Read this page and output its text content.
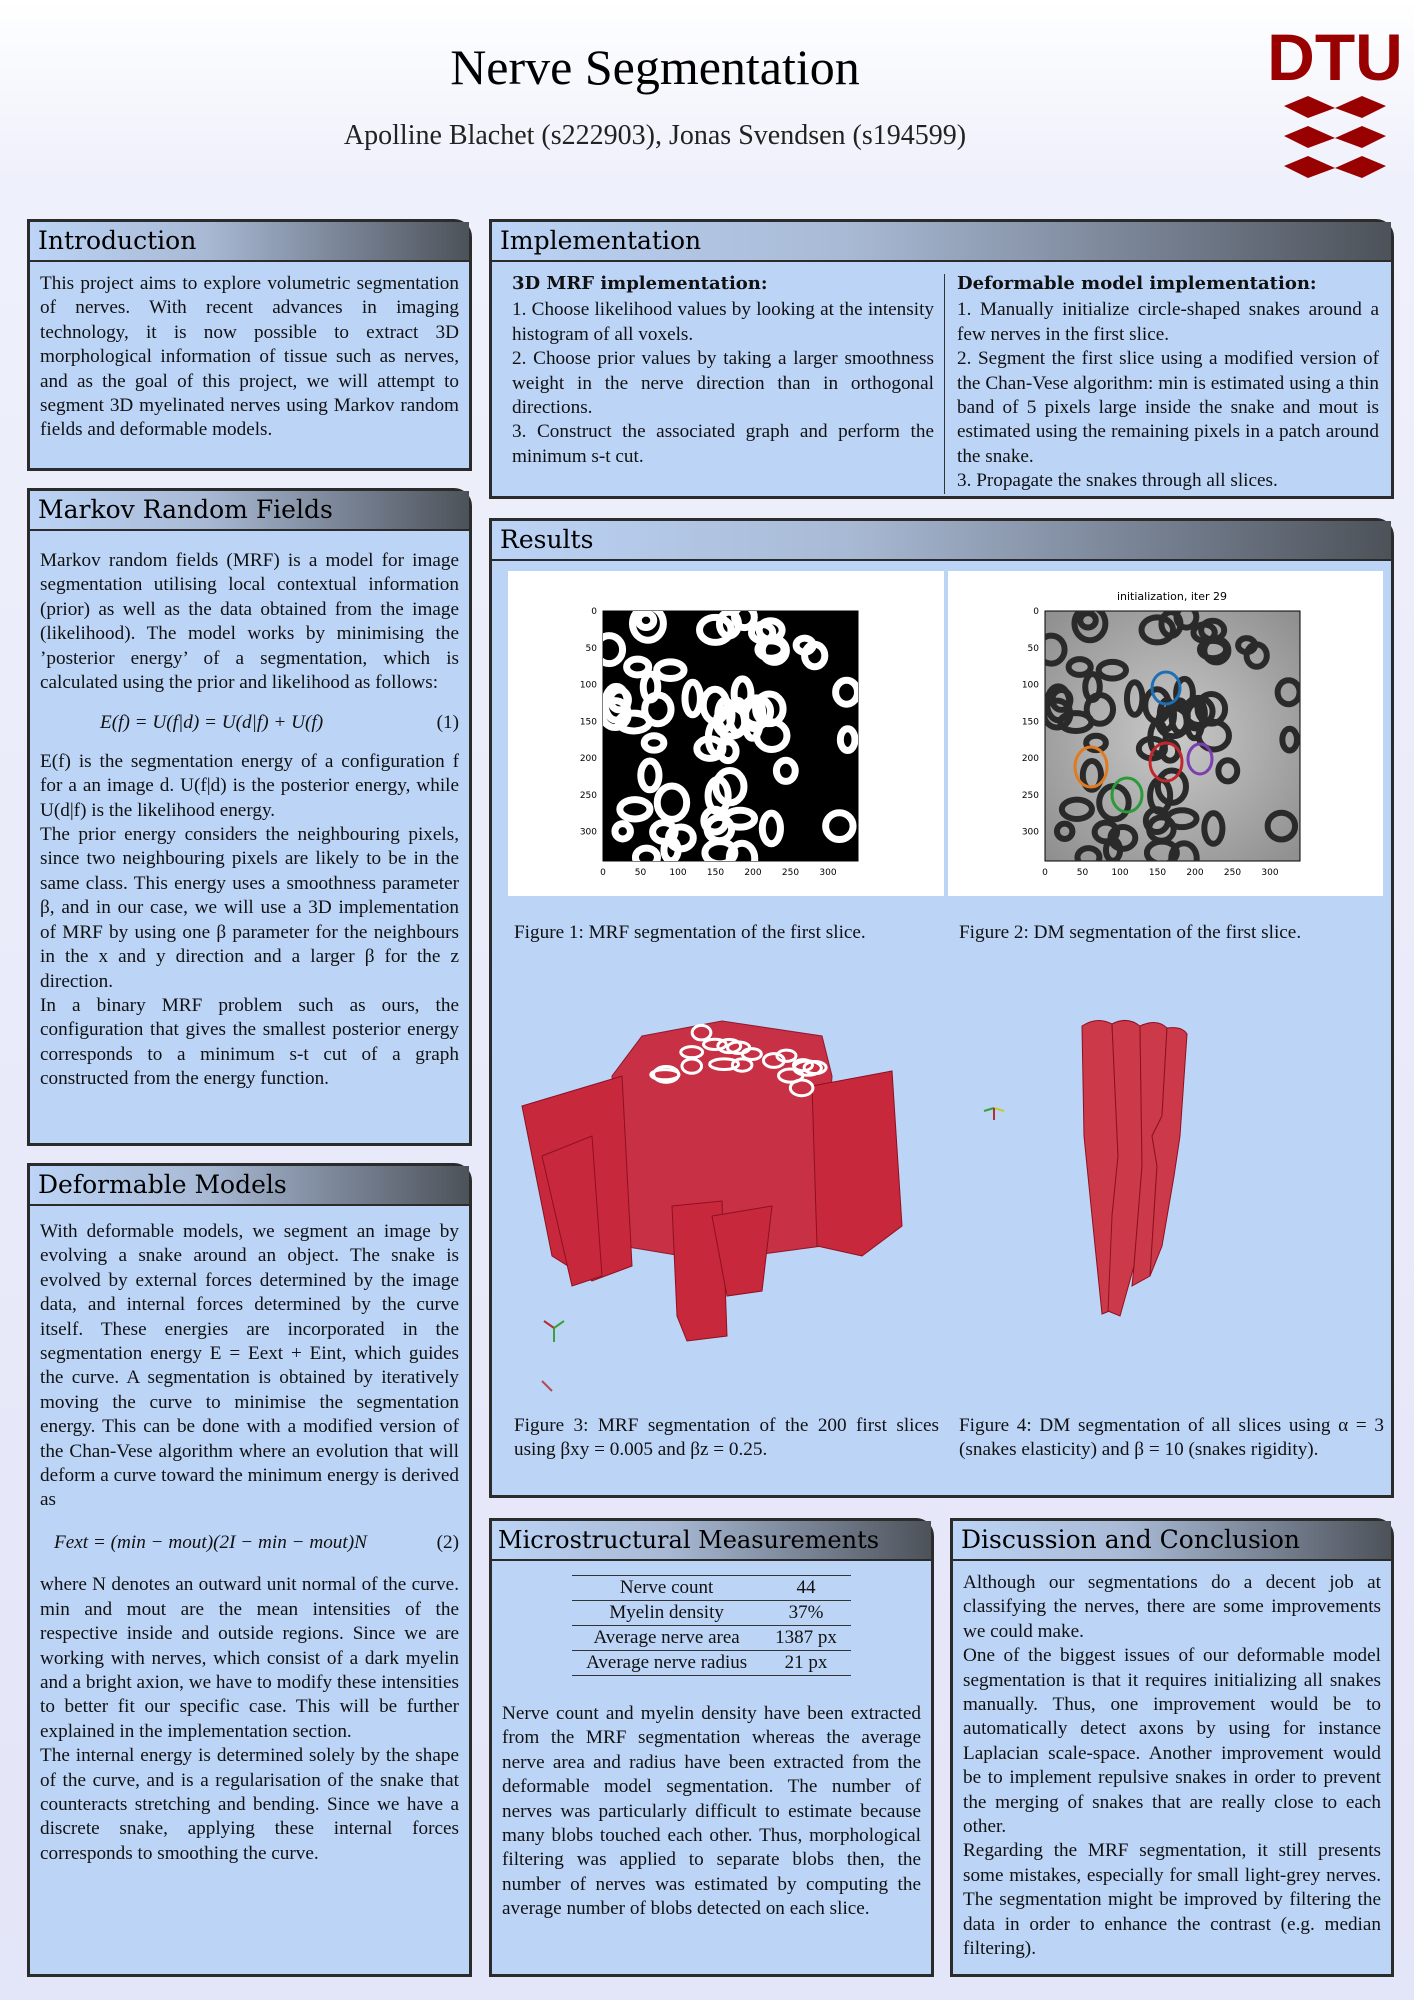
Nerve Segmentation
Apolline Blachet (s222903), Jonas Svendsen (s194599)
DTU
Introduction

This project aims to explore volumetric segmentation of nerves. With recent advances in imaging technology, it is now possible to extract 3D morphological information of tissue such as nerves, and as the goal of this project, we will attempt to segment 3D myelinated nerves using Markov random fields and deformable models.

Markov Random Fields

Markov random fields (MRF) is a model for image segmentation utilising local contextual information (prior) as well as the data obtained from the image (likelihood). The model works by minimising the ’posterior energy’ of a segmentation, which is calculated using the prior and likelihood as follows:

E(f) = U(f|d) = U(d|f) + U(f)	(1)

E(f) is the segmentation energy of a configuration f for a an image d. U(f|d) is the posterior energy, while U(d|f) is the likelihood energy.

The prior energy considers the neighbouring pixels, since two neighbouring pixels are likely to be in the same class. This energy uses a smoothness parameter β, and in our case, we will use a 3D implementation of MRF by using one β parameter for the neighbours in the x and y direction and a larger β for the z direction.

In a binary MRF problem such as ours, the configuration that gives the smallest posterior energy corresponds to a minimum s-t cut of a graph constructed from the energy function.

Deformable Models

With deformable models, we segment an image by evolving a snake around an object. The snake is evolved by external forces determined by the image data, and internal forces determined by the curve itself. These energies are incorporated in the segmentation energy E = Eext + Eint, which guides the curve. A segmentation is obtained by iteratively moving the curve to minimise the segmentation energy. This can be done with a modified version of the Chan-Vese algorithm where an evolution that will deform a curve toward the minimum energy is derived as

Fext = (min − mout)(2I − min − mout)N	(2)

where N denotes an outward unit normal of the curve. min and mout are the mean intensities of the respective inside and outside regions. Since we are working with nerves, which consist of a dark myelin and a bright axion, we have to modify these intensities to better fit our specific case. This will be further explained in the implementation section.

The internal energy is determined solely by the shape of the curve, and is a regularisation of the snake that counteracts stretching and bending. Since we have a discrete snake, applying these internal forces corresponds to smoothing the curve.

Implementation
3D MRF implementation:

1. Choose likelihood values by looking at the intensity histogram of all voxels.

2. Choose prior values by taking a larger smoothness weight in the nerve direction than in orthogonal directions.

3. Construct the associated graph and perform the minimum s-t cut.

Deformable model implementation:

1. Manually initialize circle-shaped snakes around a few nerves in the first slice.

2. Segment the first slice using a modified version of the Chan-Vese algorithm: min is estimated using a thin band of 5 pixels large inside the snake and mout is estimated using the remaining pixels in a patch around the snake.

3. Propagate the snakes through all slices.

Results
0
50
100
150
200
250
300
0	50	100 150 200 250 300
initialization, iter 29
0
50
100
150
200
250
300
0	50	100 150 200 250 300
Figure 1: MRF segmentation of the first slice.	Figure 2: DM segmentation of the first slice.
Figure 3: MRF segmentation of the 200 first slices using βxy = 0.005 and βz = 0.25.
Figure 4: DM segmentation of all slices using α = 3 (snakes elasticity) and β = 10 (snakes rigidity).
Microstructural Measurements
Nerve count	44
Myelin density	37%
Average nerve area	1387 px
Average nerve radius	21 px

Nerve count and myelin density have been extracted from the MRF segmentation whereas the average nerve area and radius have been extracted from the deformable model segmentation. The number of nerves was particularly difficult to estimate because many blobs touched each other. Thus, morphological filtering was applied to separate blobs then, the number of nerves was estimated by computing the average number of blobs detected on each slice.

Discussion and Conclusion

Although our segmentations do a decent job at classifying the nerves, there are some improvements we could make.

One of the biggest issues of our deformable model segmentation is that it requires initializing all snakes manually. Thus, one improvement would be to automatically detect axons by using for instance Laplacian scale-space. Another improvement would be to implement repulsive snakes in order to prevent the merging of snakes that are really close to each other.

Regarding the MRF segmentation, it still presents some mistakes, especially for small light-grey nerves. The segmentation might be improved by filtering the data in order to enhance the contrast (e.g. median filtering).
